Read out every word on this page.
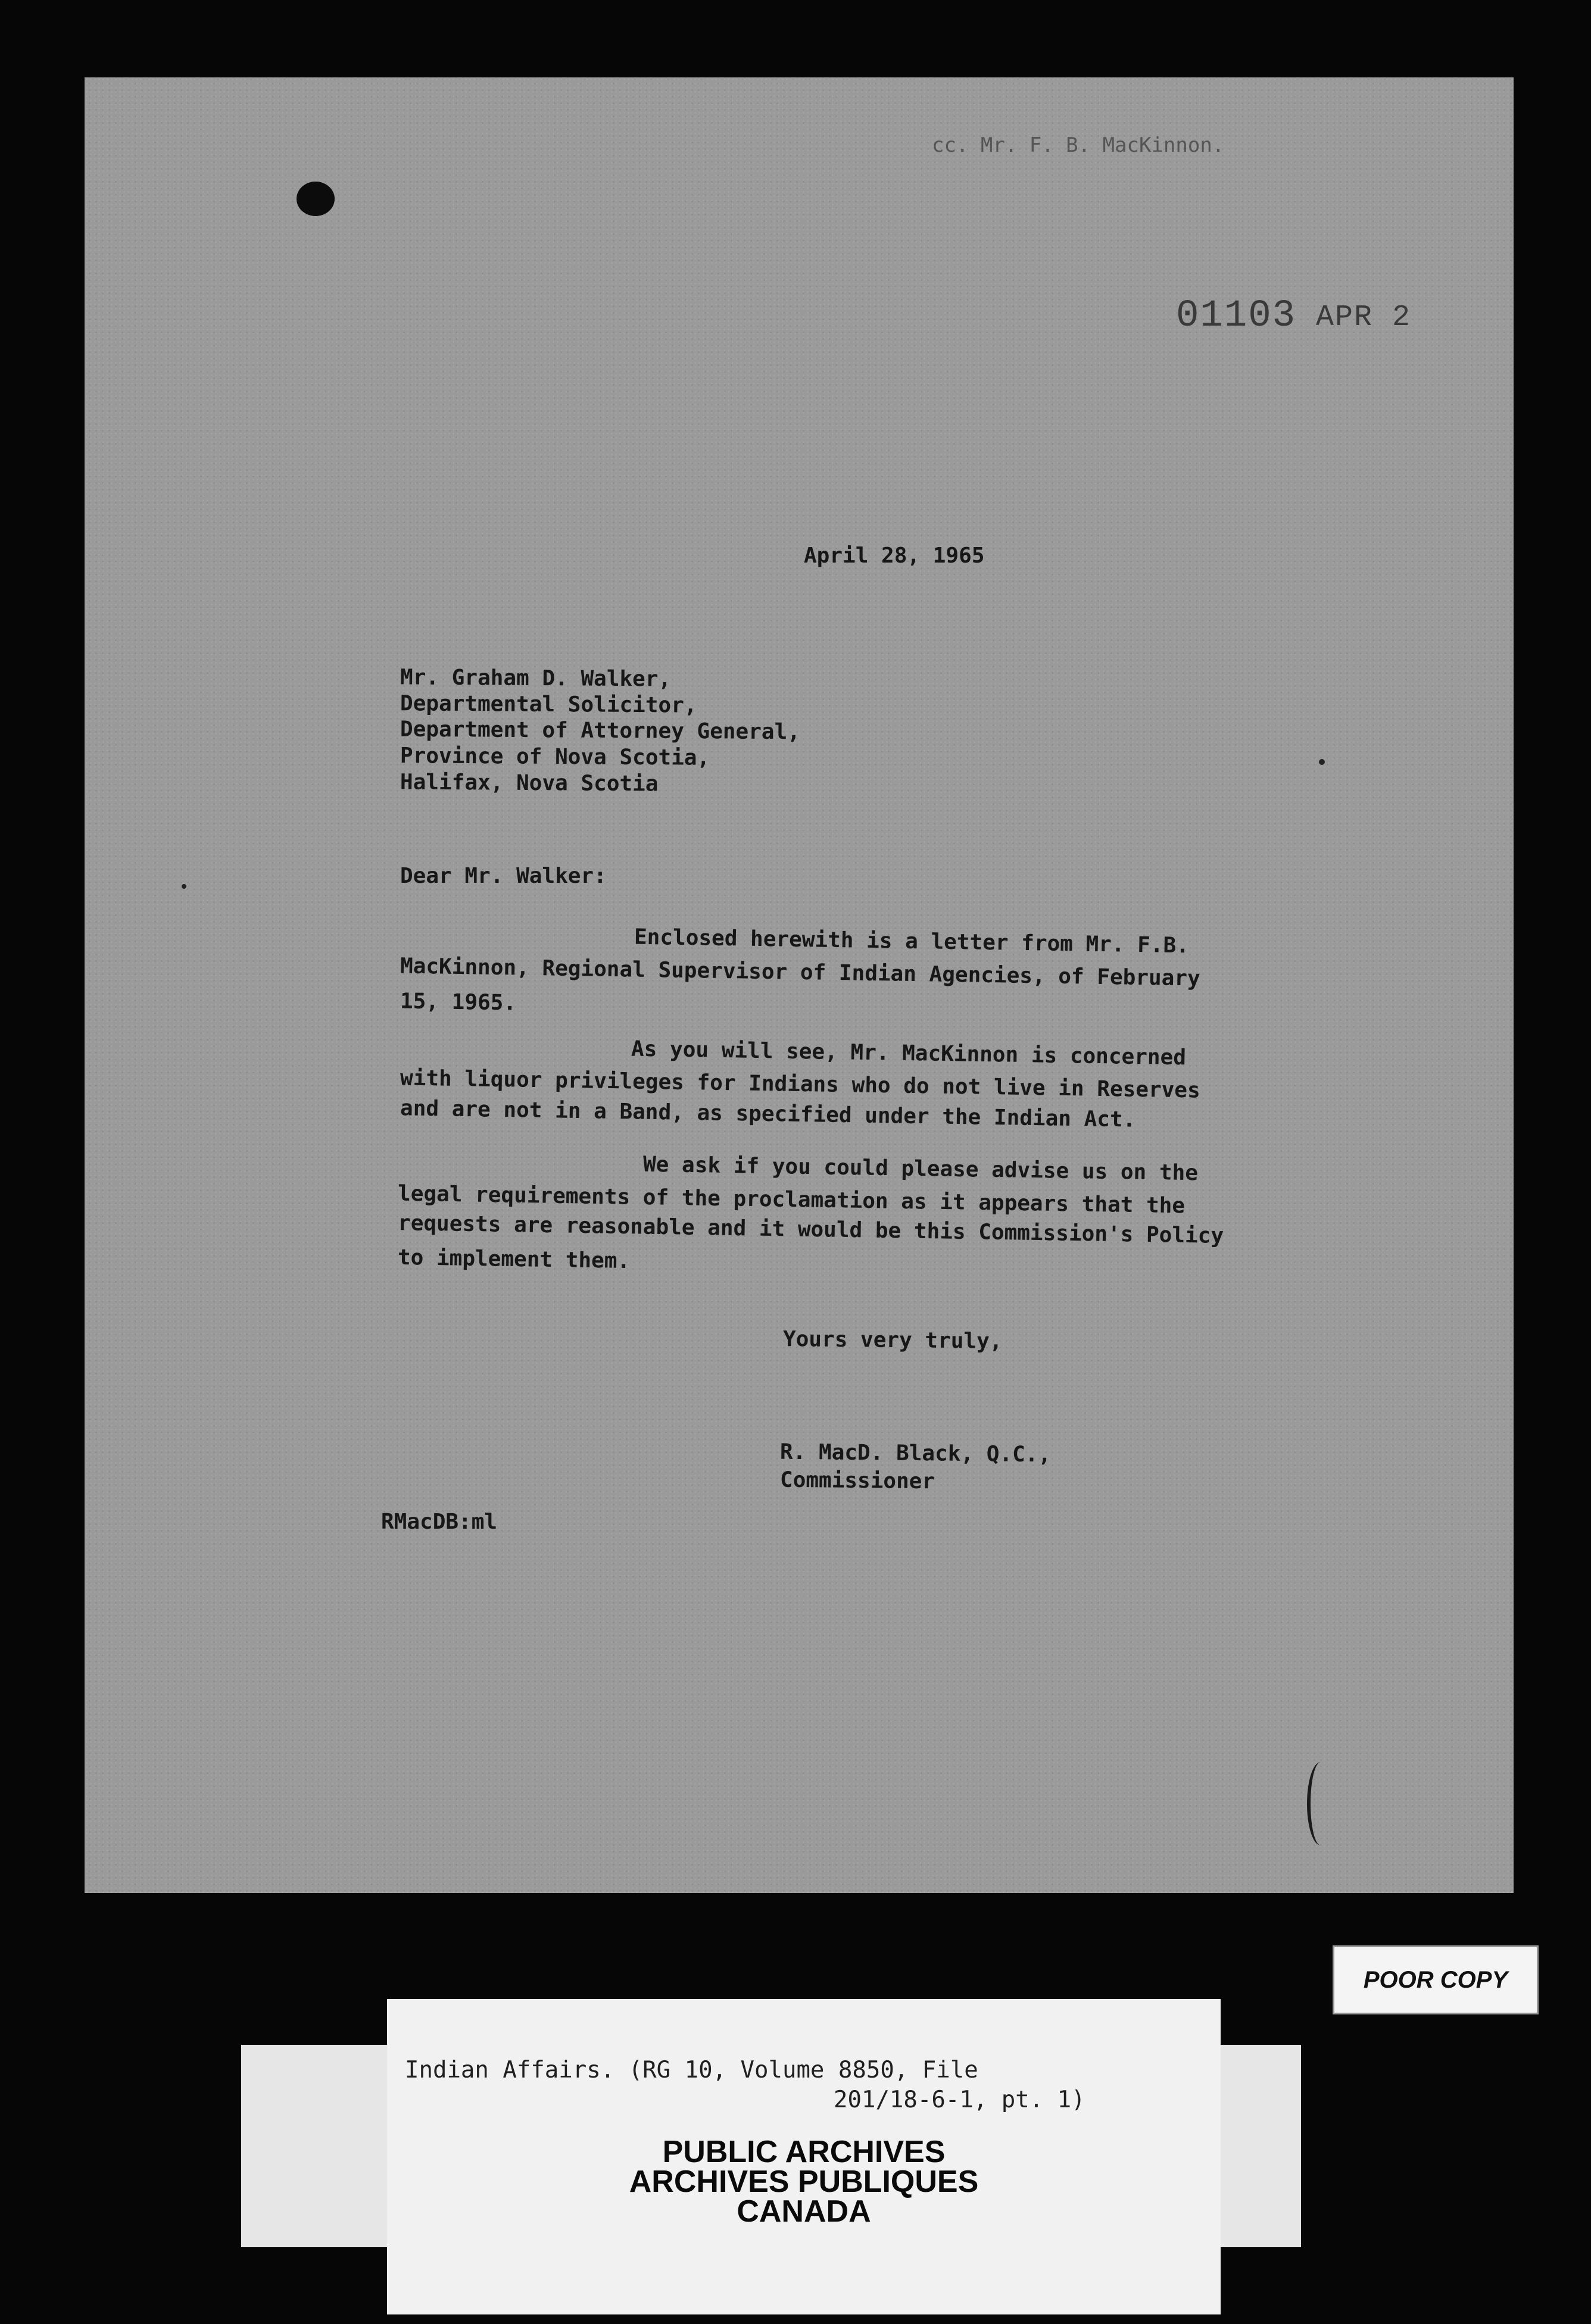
cc. Mr. F. B. MacKinnon.

01103 APR 2

April 28, 1965

Mr. Graham D. Walker,

Departmental Solicitor,

Department of Attorney General,

Province of Nova Scotia,

Halifax, Nova Scotia

Dear Mr. Walker:

Enclosed herewith is a letter from Mr. F.B.

MacKinnon, Regional Supervisor of Indian Agencies, of February

15, 1965.

As you will see, Mr. MacKinnon is concerned

with liquor privileges for Indians who do not live in Reserves

and are not in a Band, as specified under the Indian Act.

We ask if you could please advise us on the

legal requirements of the proclamation as it appears that the

requests are reasonable and it would be this Commission's Policy

to implement them.

Yours very truly,

R. MacD. Black, Q.C.,

Commissioner

RMacDB:ml

POOR COPY
Indian Affairs. (RG 10, Volume 8850, File
201/18-6-1, pt. 1)
PUBLIC ARCHIVES
ARCHIVES PUBLIQUES
CANADA
